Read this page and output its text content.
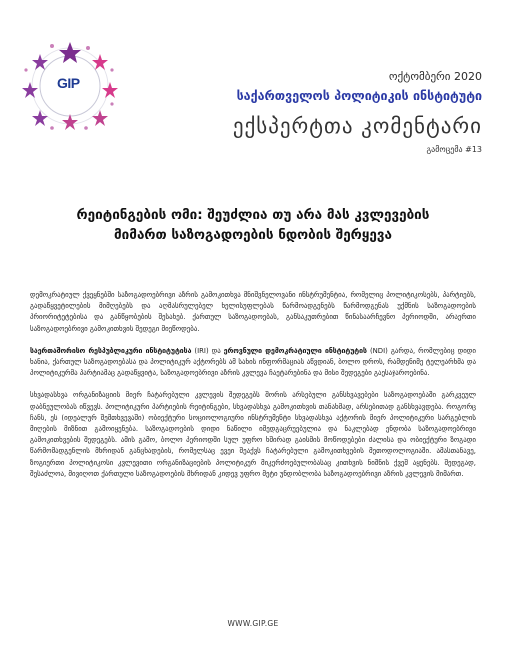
GIP	ოქტომბერი 2020
საქართველოს პოლიტიკის ინსტიტუტი
ექსპერტთა კომენტარი
გამოცემა #13
რეიტინგების ომი: შეუძლია თუ არა მას კვლევების
მიმართ საზოგადოების ნდობის შერყევა

დემოკრატიულ ქვეყნებში საზოგადოებრივი აზრის გამოკითხვა მნიშვნელოვანი ინსტრუმენტია, რომელიც პოლიტიკოსებს, პარტიებს, გადაწყვეტილების მიმღებებს და აღმასრულებელ ხელისუფლებას წარმოადგენებს წარმოდგენას უქმნის საზოგადოების პრიორიტეტებისა და განწყობების შესახებ. ქართულ საზოგადოებას, განსაკუთრებით წინასაარჩევნო პერიოდში, არაერთი საზოგადოებრივი გამოკითხვის შედეგი მიეწოდება.

საერთაშორისო რესპუბლიკური ინსტიტუტისა (IRI) და ეროვნული დემოკრატიული ინსტიტუტის (NDI) გარდა, რომლებიც დიდი ხანია, ქართულ საზოგადოებასა და პოლიტიკურ აქტორებს ამ სახის ინფორმაციას აწვდიან, ბოლო დროს, რამდენიმე ტელეარხმა და პოლიტიკურმა პარტიამაც გადაწყვიტა, საზოგადოებრივი აზრის კვლევა ჩაეტარებინა და მისი შედეგები გაესაჯაროებინა.

სხვადასხვა ორგანიზაციის მიერ ჩატარებული კვლევის შედეგებს შორის არსებული განსხვავებები საზოგადოებაში გარკვეულ დაბნეულობას იწვევს. პოლიტიკური პარტიების რეიტინგები, სხვადასხვა გამოკითხვის თანახმად, არსებითად განსხვავდება. როგორც ჩანს, ეს (იდეალურ შემთხვევაში) ობიექტური სოციოლოგიური ინსტრუმენტი სხვადასხვა აქტორის მიერ პოლიტიკური სარგებლის მიღების მიზნით გამოიყენება. საზოგადოების დიდი ნაწილი იმედგაცრუებულია და ნაკლებად ენდობა საზოგადოებრივი გამოკითხვების შედეგებს. ამის გამო, ბოლო პერიოდში სულ უფრო ხშირად გაისმის მოწოდებები ძალისა და ობიექტური ზოგადი წარმომადგენლის მხრიდან განცხადების, რომელსაც ევეი შეაქვს ჩატარებული გამოკითხვების მეთოდოლოგიაში. ამასთანავე, ზოგიერთი პოლიტიკოსი კვლევითი ორგანიზაციების პოლიტიკურ მიკერძოებულობასაც კითხვის ნიშნის ქვეშ აყენებს. შედეგად, შესაძლოა, მივიღოთ ქართული საზოგადოების მხრიდან კიდევ უფრო მეტი უნდობლობა საზოგადოებრივი აზრის კვლევის მიმართ.

WWW.GIP.GE
